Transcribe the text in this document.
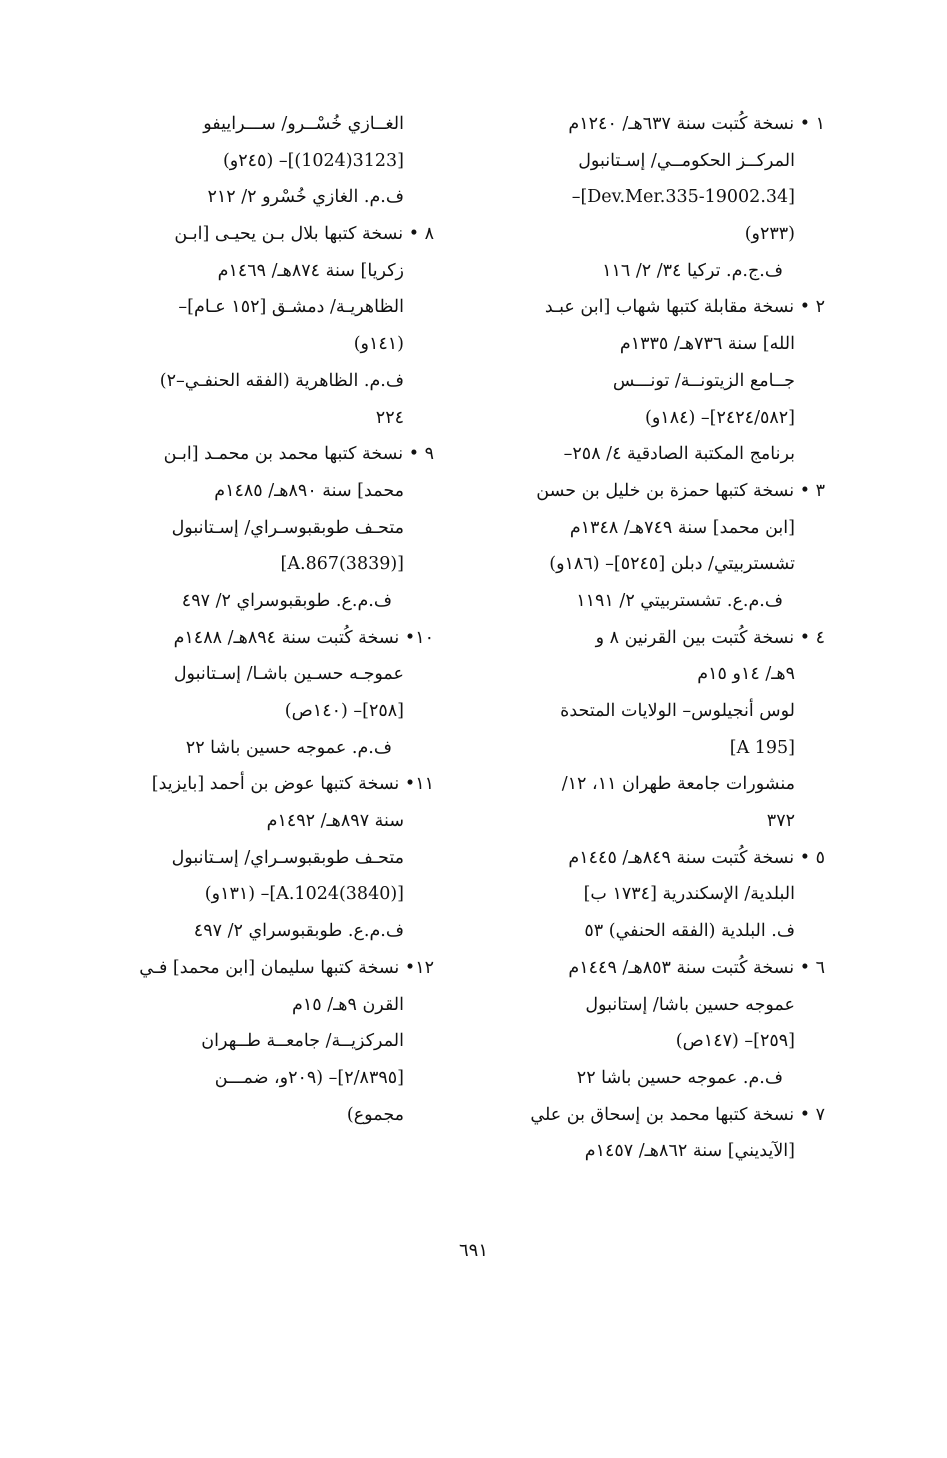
١ • نسخة كُتبت سنة ٦٣٧هـ/ ١٢٤٠م
المركــز الحكومــي/ إسـتانبول
[34.Dev.Mer.335-19002]–
(٢٣٣و)
ف.ج.م. تركيا ٣٤/ ٢/ ١١٦
٢ • نسخة مقابلة كتبها شهاب [ابن عبـد
الله] سنة ٧٣٦هـ/ ١٣٣٥م
جــامع الزيتونــة/ تونـــس
[٢٤٢٤/٥٨٢]– (١٨٤و)
برنامج المكتبة الصادقية ٤/ ٢٥٨–
٣ • نسخة كتبها حمزة بن خليل بن حسن
[ابن محمد] سنة ٧٤٩هـ/ ١٣٤٨م
تشستربيتي/ دبلن [٥٢٤٥]– (١٨٦و)
ف.م.ع. تشستربيتي ٢/ ١١٩١
٤ • نسخة كُتبت بين القرنين ٨ و
٩هـ/ ١٤و ١٥م
لوس أنجيلوس– الولايات المتحدة
[A 195]
منشورات جامعة طهران ١١، ١٢/
٣٧٢
٥ • نسخة كُتبت سنة ٨٤٩هـ/ ١٤٤٥م
البلدية/ الإسكندرية [١٧٣٤ ب]
ف. البلدية (الفقه الحنفي) ٥٣
٦ • نسخة كُتبت سنة ٨٥٣هـ/ ١٤٤٩م
عموجه حسين باشا/ إستانبول
[٢٥٩]– (١٤٧ص)
ف.م. عموجه حسين باشا ٢٢
٧ • نسخة كتبها محمد بن إسحاق بن علي
[الآيديني] سنة ٨٦٢هـ/ ١٤٥٧م
الغــازي خُسْــرو/ ســـراييفو
[3123(1024)]– (٢٤٥و)
ف.م. الغازي خُسْرو ٢/ ٢١٢
٨ • نسخة كتبها بلال بـن يحيـى [ابـن
زكريا] سنة ٨٧٤هـ/ ١٤٦٩م
الظاهريـة/ دمشـق [١٥٢ عـام]–
(١٤١و)
ف.م. الظاهرية (الفقه الحنفـي–٢)
٢٢٤
٩ • نسخة كتبها محمد بن محمـد [ابـن
محمد] سنة ٨٩٠هـ/ ١٤٨٥م
متحـف طوبقبوسـراي/ إسـتانبول
[A.867(3839)]
ف.م.ع. طوبقبوسراي ٢/ ٤٩٧
١٠• نسخة كُتبت سنة ٨٩٤هـ/ ١٤٨٨م
عموجـه حسـين باشـا/ إسـتانبول
[٢٥٨]– (١٤٠ص)
ف.م. عموجه حسين باشا ٢٢
١١• نسخة كتبها عوض بن أحمد [بايزيد]
سنة ٨٩٧هـ/ ١٤٩٢م
متحـف طوبقبوسـراي/ إسـتانبول
[A.1024(3840)]– (١٣١و)
ف.م.ع. طوبقبوسراي ٢/ ٤٩٧
١٢• نسخة كتبها سليمان [ابن محمد] فـي
القرن ٩هـ/ ١٥م
المركزيــة/ جامعــة طــهران
[٢/٨٣٩٥]– (٢٠٩و، ضمـــن
مجموع)
٦٩١
